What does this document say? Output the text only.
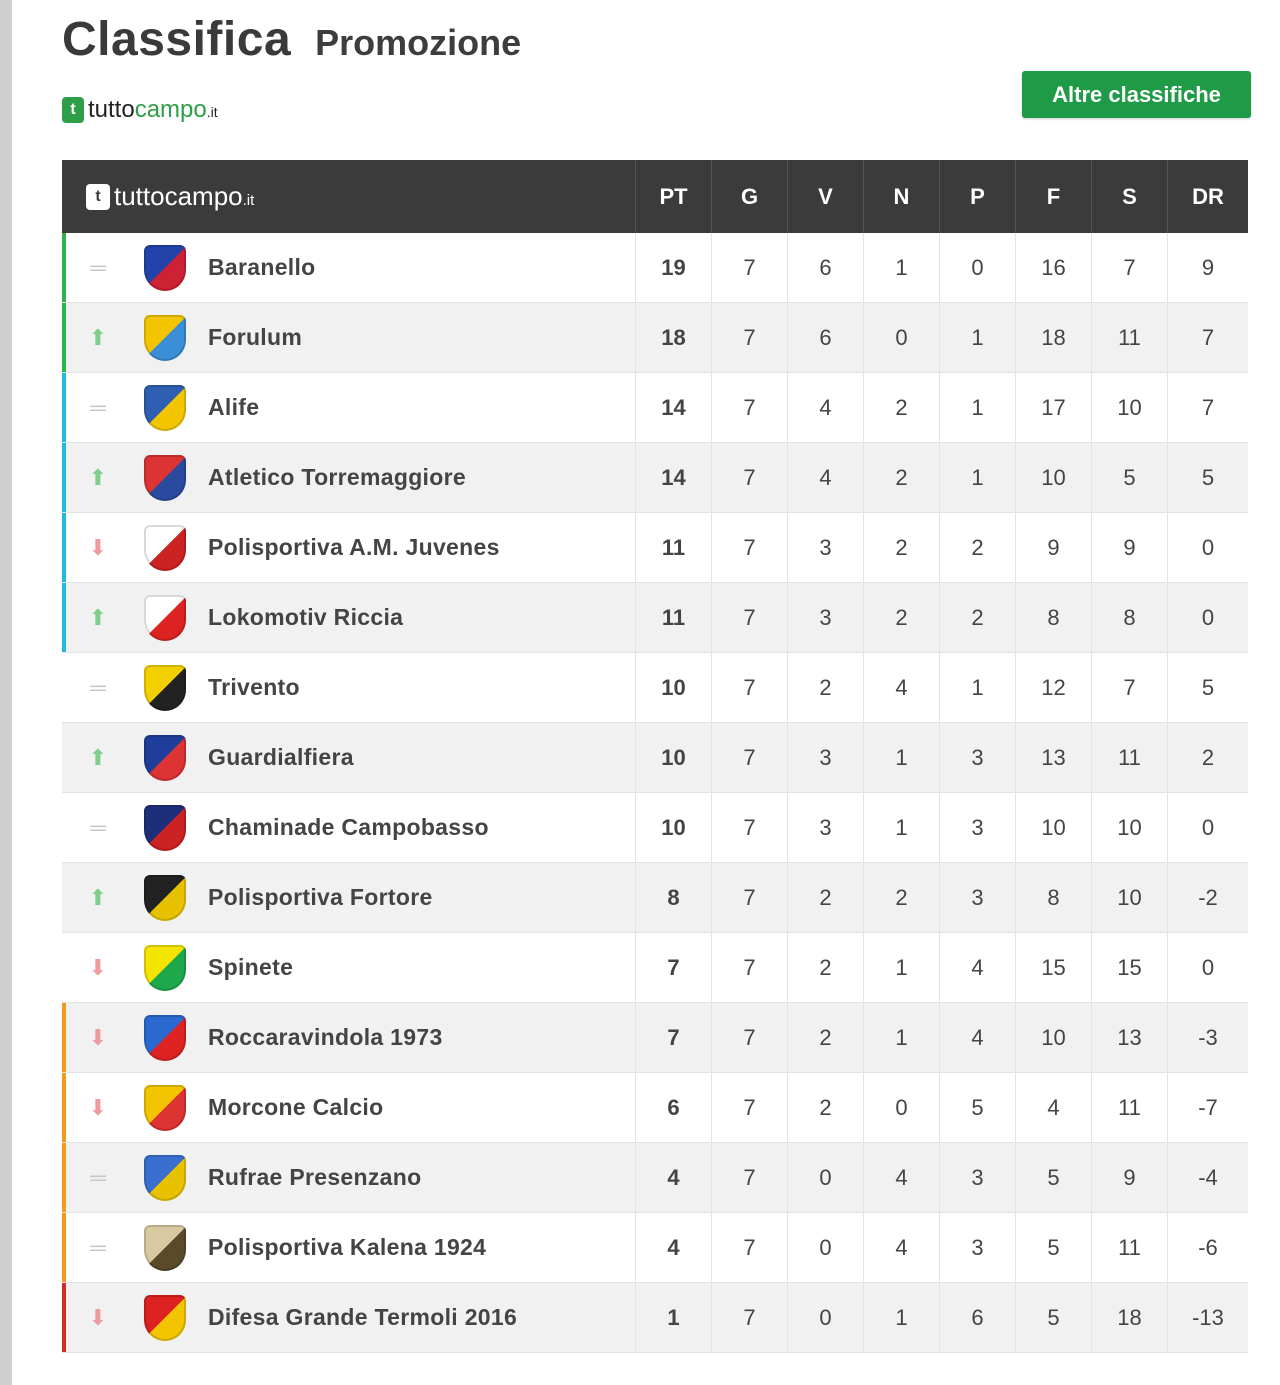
Classifica Promozione
t tuttocampo.it
Altre classifiche
t tuttocampo.it	PT	G	V	N	P	F	S	DR
═	Baranello	19	7	6	1	0	16	7	9
⬆	Forulum	18	7	6	0	1	18	11	7
═	Alife	14	7	4	2	1	17	10	7
⬆	Atletico Torremaggiore	14	7	4	2	1	10	5	5
⬇	Polisportiva A.M. Juvenes	11	7	3	2	2	9	9	0
⬆	Lokomotiv Riccia	11	7	3	2	2	8	8	0
═	Trivento	10	7	2	4	1	12	7	5
⬆	Guardialfiera	10	7	3	1	3	13	11	2
═	Chaminade Campobasso	10	7	3	1	3	10	10	0
⬆	Polisportiva Fortore	8	7	2	2	3	8	10	-2
⬇	Spinete	7	7	2	1	4	15	15	0
⬇	Roccaravindola 1973	7	7	2	1	4	10	13	-3
⬇	Morcone Calcio	6	7	2	0	5	4	11	-7
═	Rufrae Presenzano	4	7	0	4	3	5	9	-4
═	Polisportiva Kalena 1924	4	7	0	4	3	5	11	-6
⬇	Difesa Grande Termoli 2016	1	7	0	1	6	5	18	-13
